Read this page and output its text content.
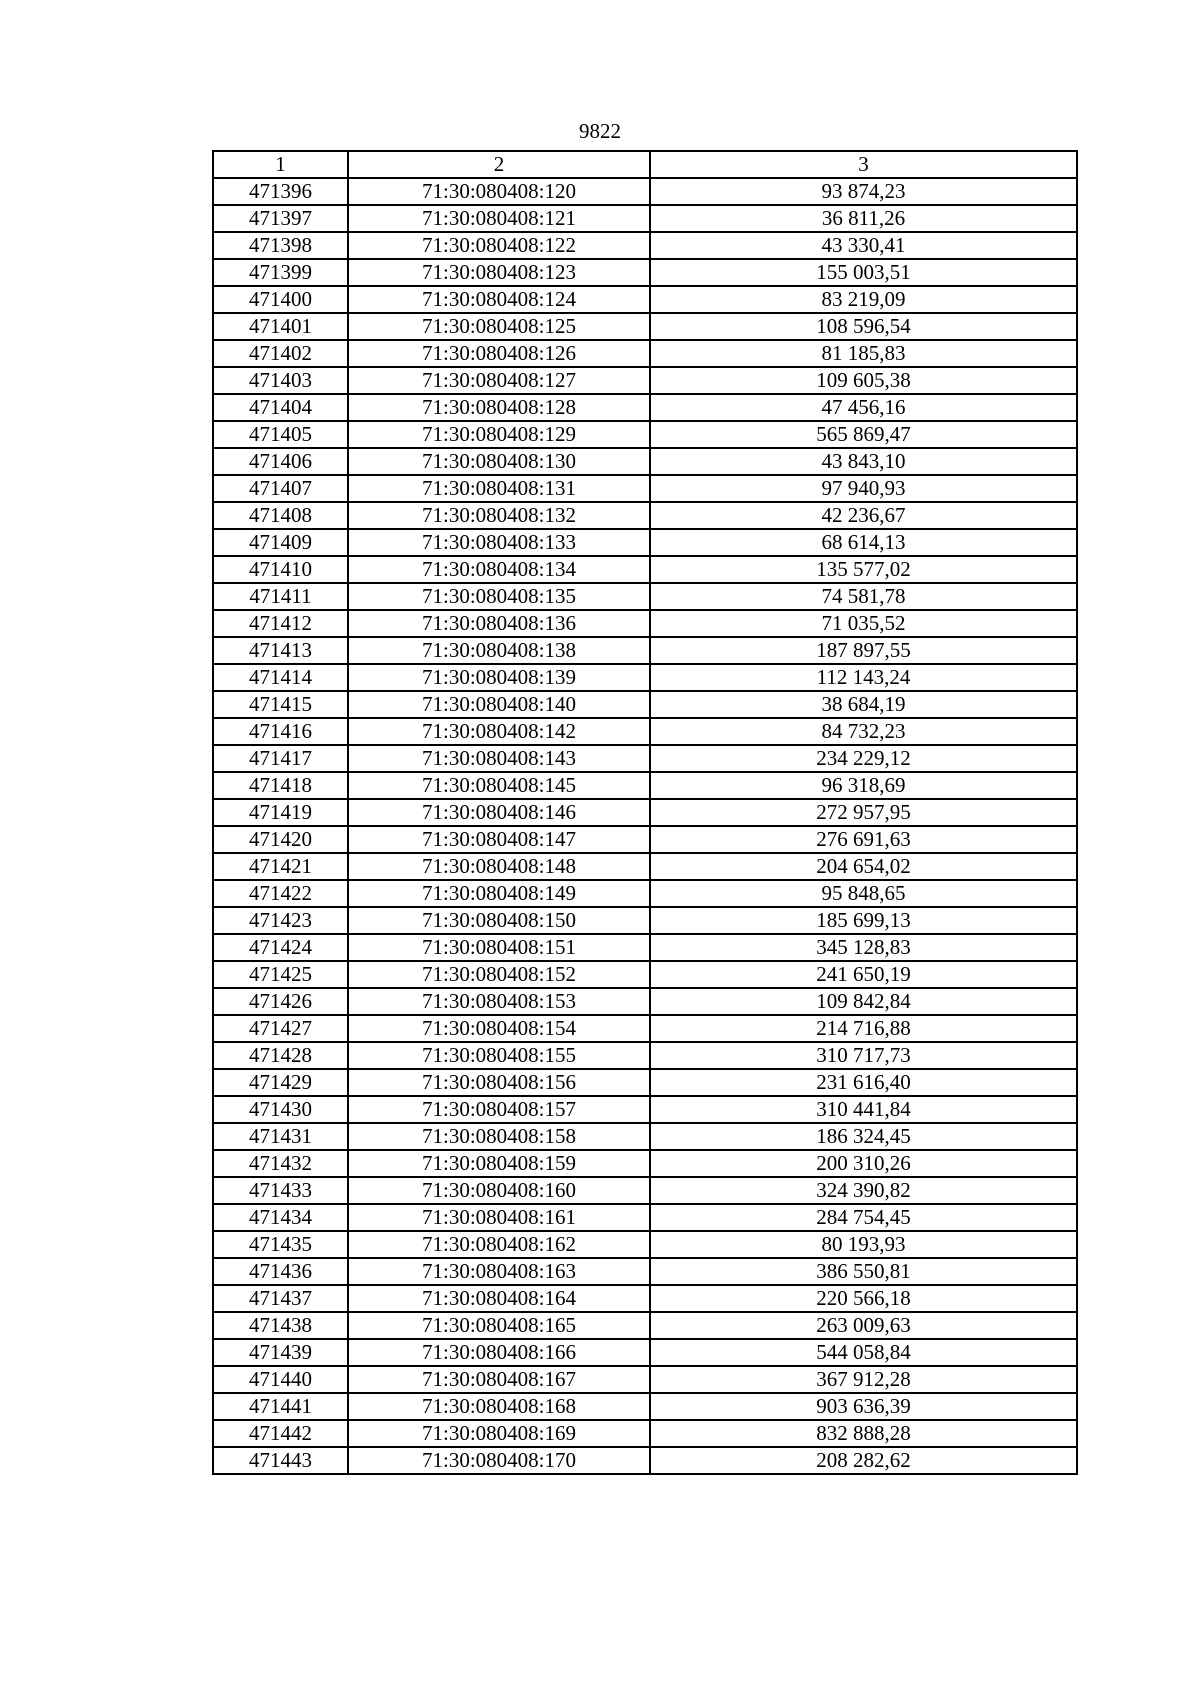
9822
1	2	3
471396	71:30:080408:120	93 874,23
471397	71:30:080408:121	36 811,26
471398	71:30:080408:122	43 330,41
471399	71:30:080408:123	155 003,51
471400	71:30:080408:124	83 219,09
471401	71:30:080408:125	108 596,54
471402	71:30:080408:126	81 185,83
471403	71:30:080408:127	109 605,38
471404	71:30:080408:128	47 456,16
471405	71:30:080408:129	565 869,47
471406	71:30:080408:130	43 843,10
471407	71:30:080408:131	97 940,93
471408	71:30:080408:132	42 236,67
471409	71:30:080408:133	68 614,13
471410	71:30:080408:134	135 577,02
471411	71:30:080408:135	74 581,78
471412	71:30:080408:136	71 035,52
471413	71:30:080408:138	187 897,55
471414	71:30:080408:139	112 143,24
471415	71:30:080408:140	38 684,19
471416	71:30:080408:142	84 732,23
471417	71:30:080408:143	234 229,12
471418	71:30:080408:145	96 318,69
471419	71:30:080408:146	272 957,95
471420	71:30:080408:147	276 691,63
471421	71:30:080408:148	204 654,02
471422	71:30:080408:149	95 848,65
471423	71:30:080408:150	185 699,13
471424	71:30:080408:151	345 128,83
471425	71:30:080408:152	241 650,19
471426	71:30:080408:153	109 842,84
471427	71:30:080408:154	214 716,88
471428	71:30:080408:155	310 717,73
471429	71:30:080408:156	231 616,40
471430	71:30:080408:157	310 441,84
471431	71:30:080408:158	186 324,45
471432	71:30:080408:159	200 310,26
471433	71:30:080408:160	324 390,82
471434	71:30:080408:161	284 754,45
471435	71:30:080408:162	80 193,93
471436	71:30:080408:163	386 550,81
471437	71:30:080408:164	220 566,18
471438	71:30:080408:165	263 009,63
471439	71:30:080408:166	544 058,84
471440	71:30:080408:167	367 912,28
471441	71:30:080408:168	903 636,39
471442	71:30:080408:169	832 888,28
471443	71:30:080408:170	208 282,62
